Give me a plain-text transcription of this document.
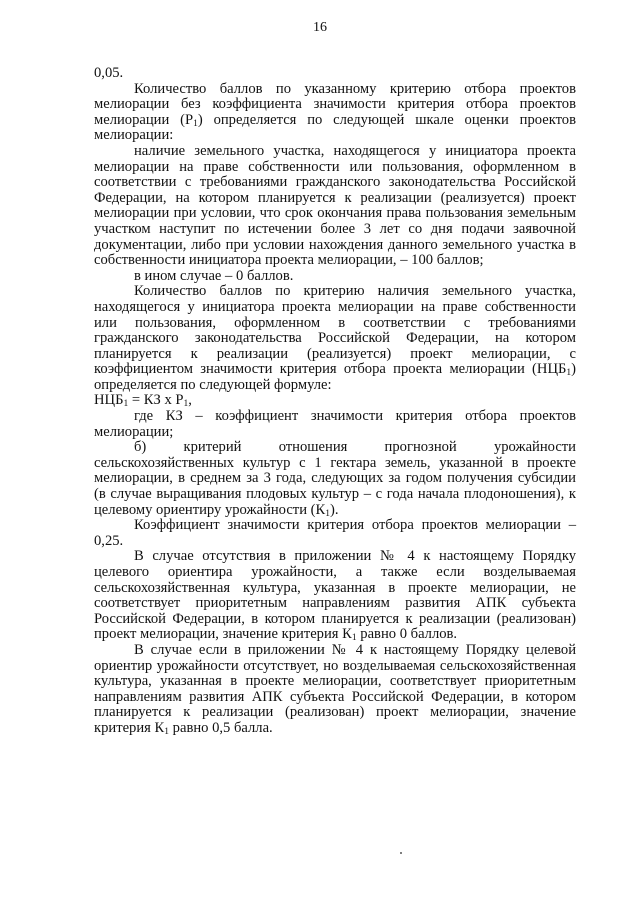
16

0,05.

Количество баллов по указанному критерию отбора проектов мелиорации без коэффициента значимости критерия отбора проектов мелиорации $(Р_1)$ определяется по следующей шкале оценки проектов мелиорации:

наличие земельного участка, находящегося у инициатора проекта мелиорации на праве собственности или пользования, оформленном в соответствии с требованиями гражданского законодательства Российской Федерации, на котором планируется к реализации (реализуется) проект мелиорации при условии, что срок окончания права пользования земельным участком наступит по истечении более 3 лет со дня подачи заявочной документации, либо при условии нахождения данного земельного участка в собственности инициатора проекта мелиорации, – 100 баллов;

в ином случае – 0 баллов.

Количество баллов по критерию наличия земельного участка, находящегося у инициатора проекта мелиорации на праве собственности или пользования, оформленном в соответствии с требованиями гражданского законодательства Российской Федерации, на котором планируется к реализации (реализуется) проект мелиорации, с коэффициентом значимости критерия отбора проекта мелиорации $(НЦБ_1)$ определяется по следующей формуле:

$НЦБ_1$ = КЗ х $Р_1$,

где КЗ – коэффициент значимости критерия отбора проектов мелиорации;

б) критерий отношения прогнозной урожайности сельскохозяйственных культур с 1 гектара земель, указанной в проекте мелиорации, в среднем за 3 года, следующих за годом получения субсидии (в случае выращивания плодовых культур – с года начала плодоношения), к целевому ориентиру урожайности $(К_1)$.

Коэффициент значимости критерия отбора проектов мелиорации – 0,25.

В случае отсутствия в приложении № 4 к настоящему Порядку целевого ориентира урожайности, а также если возделываемая сельскохозяйственная культура, указанная в проекте мелиорации, не соответствует приоритетным направлениям развития АПК субъекта Российской Федерации, в котором планируется к реализации (реализован) проект мелиорации, значение критерия $К_1$ равно 0 баллов.

В случае если в приложении № 4 к настоящему Порядку целевой ориентир урожайности отсутствует, но возделываемая сельскохозяйственная культура, указанная в проекте мелиорации, соответствует приоритетным направлениям развития АПК субъекта Российской Федерации, в котором планируется к реализации (реализован) проект мелиорации, значение критерия $К_1$ равно 0,5 балла.
